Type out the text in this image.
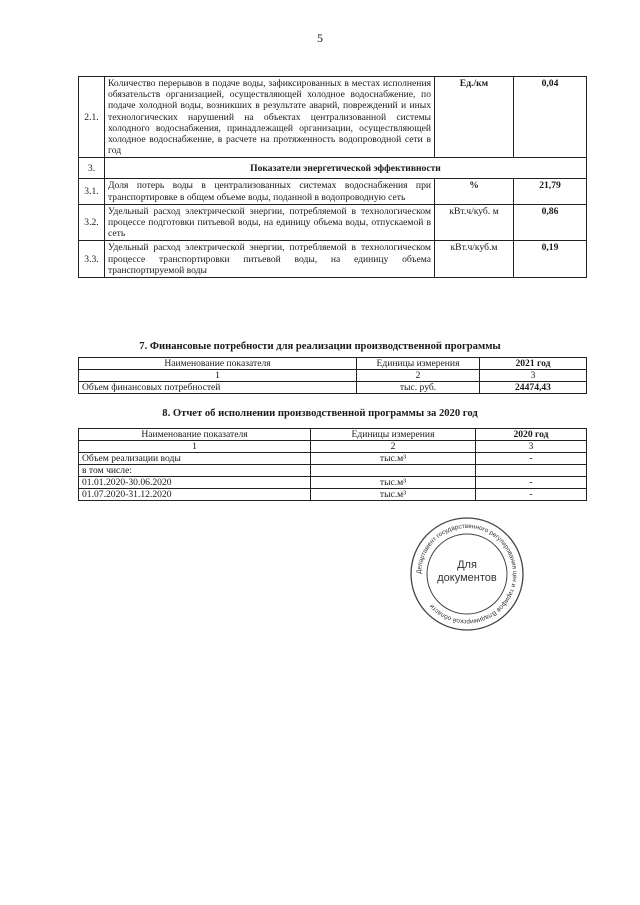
5
2.1.	Количество перерывов в подаче воды, зафиксированных в местах исполнения обязательств организацией, осуществляющей холодное водоснабжение, по подаче холодной воды, возникших в результате аварий, повреждений и иных технологических нарушений на объектах централизованной системы холодного водоснабжения, принадлежащей организации, осуществляющей холодное водоснабжение, в расчете на протяженность водопроводной сети в год	Ед./км	0,04
3.	Показатели энергетической эффективности		
3.1.	Доля потерь воды в централизованных системах водоснабжения при транспортировке в общем объеме воды, поданной в водопроводную сеть	%	21,79
3.2.	Удельный расход электрической энергии, потребляемой в технологическом процессе подготовки питьевой воды, на единицу объема воды, отпускаемой в сеть	кВт.ч/куб. м	0,86
3.3.	Удельный расход электрической энергии, потребляемой в технологическом процессе транспортировки питьевой воды, на единицу объема транспортируемой воды	кВт.ч/куб.м	0,19
7. Финансовые потребности для реализации производственной программы
Наименование показателя	Единицы измерения	2021 год
1	2	3
Объем финансовых потребностей	тыс. руб.	24474,43
8. Отчет об исполнении производственной программы за 2020 год
Наименование показателя	Единицы измерения	2020 год
1	2	3
Объем реализации воды	тыс.м³	-
в том числе:		
01.01.2020-30.06.2020	тыс.м³	-
01.07.2020-31.12.2020	тыс.м³	-
Департамент государственного регулирования цен и тарифов Владимирской области
Для
документов
